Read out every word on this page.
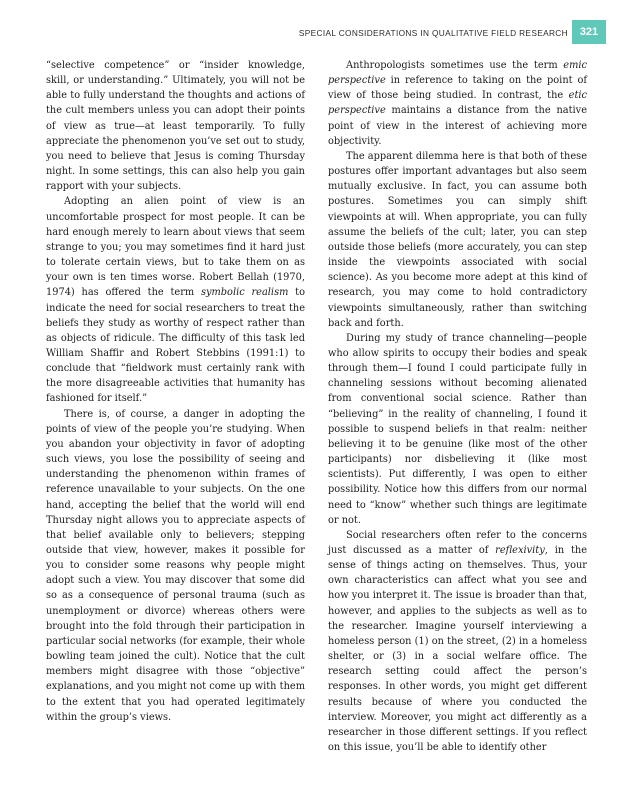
SPECIAL CONSIDERATIONS IN QUALITATIVE FIELD RESEARCH	321

“selective competence” or “insider knowledge, skill, or understanding.” Ultimately, you will not be able to fully understand the thoughts and actions of the cult members unless you can adopt their points of view as true—at least temporarily. To fully appreciate the phenomenon you’ve set out to study, you need to believe that Jesus is coming Thursday night. In some settings, this can also help you gain rapport with your subjects.

Adopting an alien point of view is an uncomfortable prospect for most people. It can be hard enough merely to learn about views that seem strange to you; you may sometimes find it hard just to tolerate certain views, but to take them on as your own is ten times worse. Robert Bellah (1970, 1974) has offered the term symbolic realism to indicate the need for social researchers to treat the beliefs they study as worthy of respect rather than as objects of ridicule. The difficulty of this task led William Shaffir and Robert Stebbins (1991:1) to conclude that “fieldwork must certainly rank with the more disagreeable activities that humanity has fashioned for itself.”

There is, of course, a danger in adopting the points of view of the people you’re studying. When you abandon your objectivity in favor of adopting such views, you lose the possibility of seeing and understanding the phenomenon within frames of reference unavailable to your subjects. On the one hand, accepting the belief that the world will end Thursday night allows you to appreciate aspects of that belief available only to believers; stepping outside that view, however, makes it possible for you to consider some reasons why people might adopt such a view. You may discover that some did so as a consequence of personal trauma (such as unemployment or divorce) whereas others were brought into the fold through their participation in particular social networks (for example, their whole bowling team joined the cult). Notice that the cult members might disagree with those “objective” explanations, and you might not come up with them to the extent that you had operated legitimately within the group’s views.

Anthropologists sometimes use the term emic perspective in reference to taking on the point of view of those being studied. In contrast, the etic perspective maintains a distance from the native point of view in the interest of achieving more objectivity.

The apparent dilemma here is that both of these postures offer important advantages but also seem mutually exclusive. In fact, you can assume both postures. Sometimes you can simply shift viewpoints at will. When appropriate, you can fully assume the beliefs of the cult; later, you can step outside those beliefs (more accurately, you can step inside the viewpoints associated with social science). As you become more adept at this kind of research, you may come to hold contradictory viewpoints simultaneously, rather than switching back and forth.

During my study of trance channeling—people who allow spirits to occupy their bodies and speak through them—I found I could participate fully in channeling sessions without becoming alienated from conventional social science. Rather than “believing” in the reality of channeling, I found it possible to suspend beliefs in that realm: neither believing it to be genuine (like most of the other participants) nor disbelieving it (like most scientists). Put differently, I was open to either possibility. Notice how this differs from our normal need to “know” whether such things are legitimate or not.

Social researchers often refer to the concerns just discussed as a matter of reflexivity, in the sense of things acting on themselves. Thus, your own characteristics can affect what you see and how you interpret it. The issue is broader than that, however, and applies to the subjects as well as to the researcher. Imagine yourself interviewing a homeless person (1) on the street, (2) in a homeless shelter, or (3) in a social welfare office. The research setting could affect the person’s responses. In other words, you might get different results because of where you conducted the interview. Moreover, you might act differently as a researcher in those different settings. If you reflect on this issue, you’ll be able to identify other
